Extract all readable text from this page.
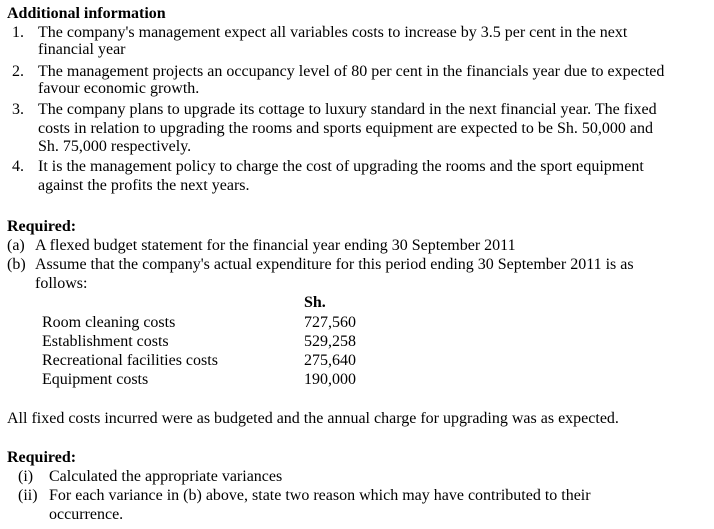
Additional information
1. The company's management expect all variables costs to increase by 3.5 per cent in the next
financial year
2. The management projects an occupancy level of 80 per cent in the financials year due to expected
favour economic growth.
3. The company plans to upgrade its cottage to luxury standard in the next financial year. The fixed
costs in relation to upgrading the rooms and sports equipment are expected to be Sh. 50,000 and
Sh. 75,000 respectively.
4. It is the management policy to charge the cost of upgrading the rooms and the sport equipment
against the profits the next years.
Required:
(a) A flexed budget statement for the financial year ending 30 September 2011
(b) Assume that the company's actual expenditure for this period ending 30 September 2011 is as
follows:
Sh.
Room cleaning costs	727,560
Establishment costs	529,258
Recreational facilities costs	275,640
Equipment costs	190,000
All fixed costs incurred were as budgeted and the annual charge for upgrading was as expected.
Required:
(i) Calculated the appropriate variances
(ii) For each variance in (b) above, state two reason which may have contributed to their
occurrence.
